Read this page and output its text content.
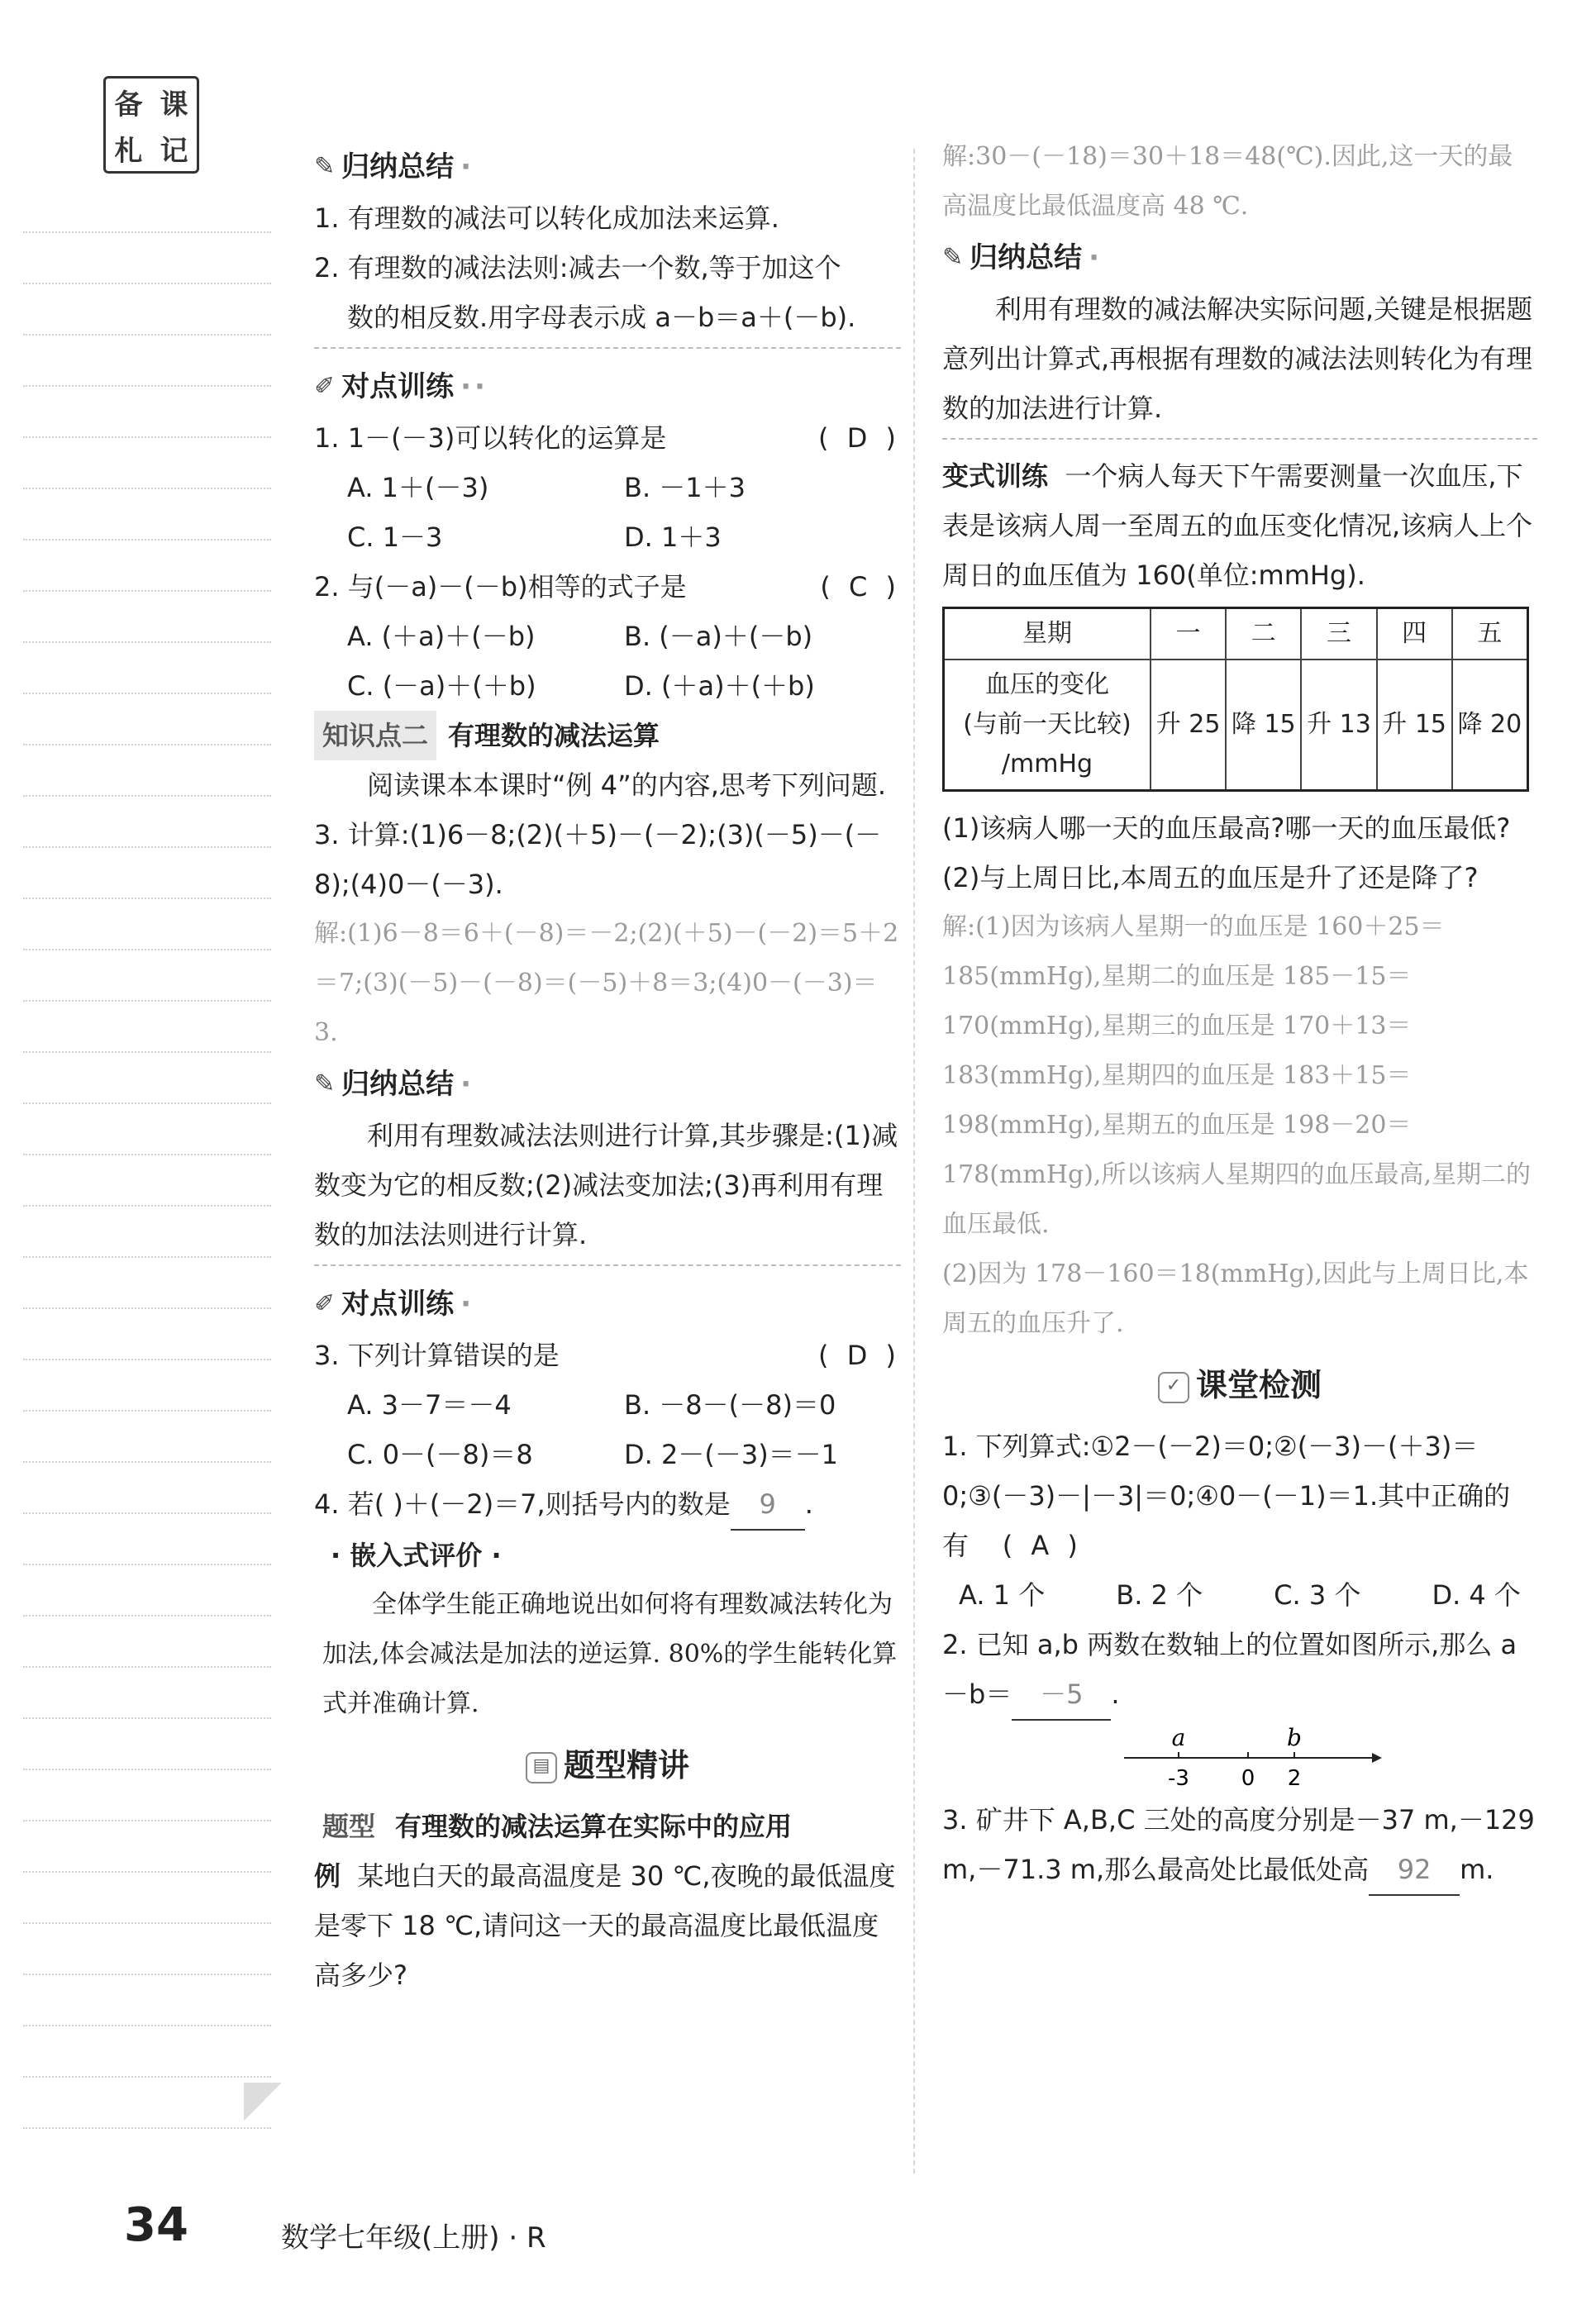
备 课
札 记	✎ 归纳总结 ·

1. 有理数的减法可以转化成加法来运算.

2. 有理数的减法法则:减去一个数,等于加这个

数的相反数.用字母表示成 a－b＝a＋(－b).

✐ 对点训练 ··
1. 1－(－3)可以转化的运算是	( D )
A. 1＋(－3)	B. －1＋3
C. 1－3	D. 1＋3
2. 与(－a)－(－b)相等的式子是	( C )
A. (＋a)＋(－b)	B. (－a)＋(－b)
C. (－a)＋(＋b)	D. (＋a)＋(＋b)
知识点二 有理数的减法运算

阅读课本本课时“例 4”的内容,思考下列问题.

3. 计算:(1)6－8;(2)(＋5)－(－2);(3)(－5)－(－8);(4)0－(－3).

解:(1)6－8＝6＋(－8)＝－2;(2)(＋5)－(－2)＝5＋2＝7;(3)(－5)－(－8)＝(－5)＋8＝3;(4)0－(－3)＝3.

✎ 归纳总结 ·

利用有理数减法法则进行计算,其步骤是:(1)减数变为它的相反数;(2)减法变加法;(3)再利用有理数的加法法则进行计算.

✐ 对点训练 ·
3. 下列计算错误的是	( D )
A. 3－7＝－4	B. －8－(－8)＝0
C. 0－(－8)＝8	D. 2－(－3)＝－1

4. 若( )＋(－2)＝7,则括号内的数是 9 .

· 嵌入式评价 ·

全体学生能正确地说出如何将有理数减法转化为加法,体会减法是加法的逆运算. 80%的学生能转化算式并准确计算.

▤ 题型精讲
题型 有理数的减法运算在实际中的应用

例 某地白天的最高温度是 30 ℃,夜晚的最低温度是零下 18 ℃,请问这一天的最高温度比最低温度高多少?

解:30－(－18)＝30＋18＝48(℃).因此,这一天的最高温度比最低温度高 48 ℃.

✎ 归纳总结 ·

利用有理数的减法解决实际问题,关键是根据题意列出计算式,再根据有理数的减法法则转化为有理数的加法进行计算.

变式训练 一个病人每天下午需要测量一次血压,下表是该病人周一至周五的血压变化情况,该病人上个周日的血压值为 160(单位:mmHg).

星期	一	二	三	四	五

血压的变化
(与前一天比较)
/mmHg	升 25	降 15	升 13	升 15	降 20

(1)该病人哪一天的血压最高?哪一天的血压最低?

(2)与上周日比,本周五的血压是升了还是降了?

解:(1)因为该病人星期一的血压是 160＋25＝185(mmHg),星期二的血压是 185－15＝170(mmHg),星期三的血压是 170＋13＝183(mmHg),星期四的血压是 183＋15＝198(mmHg),星期五的血压是 198－20＝178(mmHg),所以该病人星期四的血压最高,星期二的血压最低.

(2)因为 178－160＝18(mmHg),因此与上周日比,本周五的血压升了.

✓ 课堂检测

1. 下列算式:①2－(－2)＝0;②(－3)－(＋3)＝0;③(－3)－|－3|＝0;④0－(－1)＝1.其中正确的有 ( A )

A. 1 个	B. 2 个	C. 3 个	D. 4 个

2. 已知 a,b 两数在数轴上的位置如图所示,那么 a－b＝ －5 .

-3 0 2
a	b

3. 矿井下 A,B,C 三处的高度分别是－37 m,－129 m,－71.3 m,那么最高处比最低处高 92 m.

34	数学七年级(上册) · R
